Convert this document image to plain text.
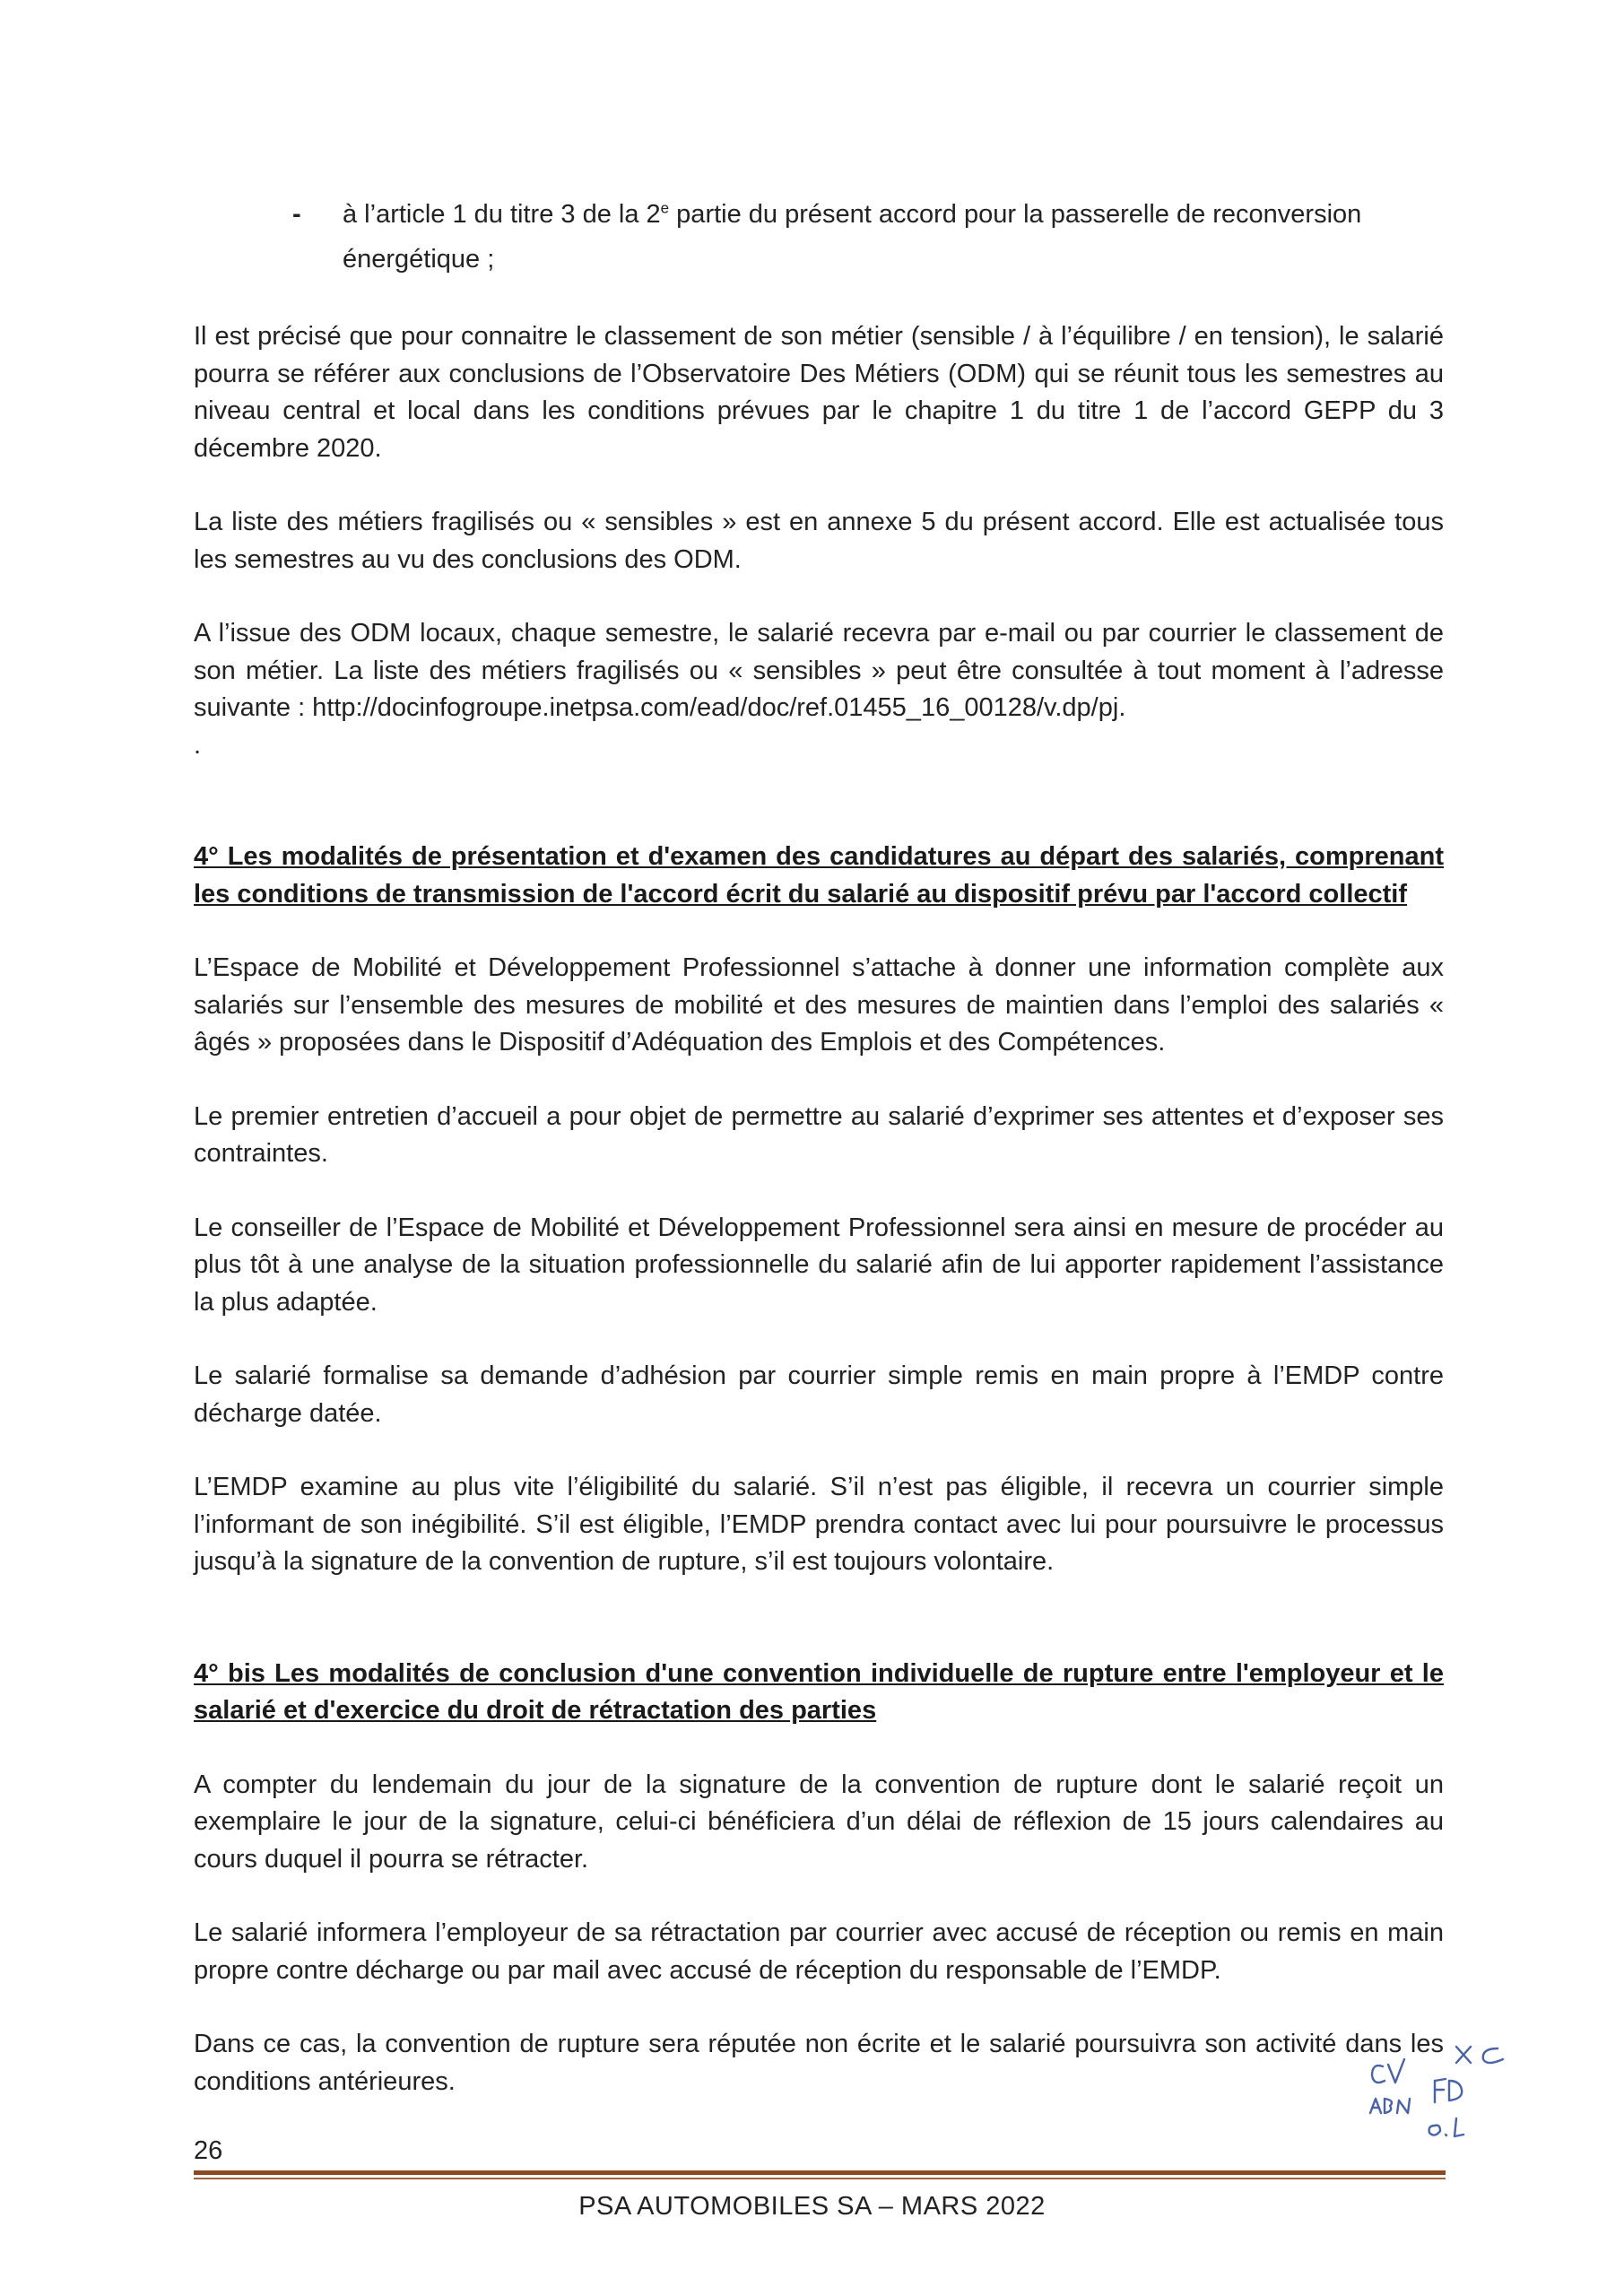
- à l’article 1 du titre 3 de la 2e partie du présent accord pour la passerelle de reconversion énergétique ;

Il est précisé que pour connaitre le classement de son métier (sensible / à l’équilibre / en tension), le salarié pourra se référer aux conclusions de l’Observatoire Des Métiers (ODM) qui se réunit tous les semestres au niveau central et local dans les conditions prévues par le chapitre 1 du titre 1 de l’accord GEPP du 3 décembre 2020.

La liste des métiers fragilisés ou « sensibles » est en annexe 5 du présent accord. Elle est actualisée tous les semestres au vu des conclusions des ODM.

A l’issue des ODM locaux, chaque semestre, le salarié recevra par e-mail ou par courrier le classement de son métier. La liste des métiers fragilisés ou « sensibles » peut être consultée à tout moment à l’adresse suivante : http://docinfogroupe.inetpsa.com/ead/doc/ref.01455_16_00128/v.dp/pj.

.

4° Les modalités de présentation et d'examen des candidatures au départ des salariés, comprenant les conditions de transmission de l'accord écrit du salarié au dispositif prévu par l'accord collectif

L’Espace de Mobilité et Développement Professionnel s’attache à donner une information complète aux salariés sur l’ensemble des mesures de mobilité et des mesures de maintien dans l’emploi des salariés « âgés » proposées dans le Dispositif d’Adéquation des Emplois et des Compétences.

Le premier entretien d’accueil a pour objet de permettre au salarié d’exprimer ses attentes et d’exposer ses contraintes.

Le conseiller de l’Espace de Mobilité et Développement Professionnel sera ainsi en mesure de procéder au plus tôt à une analyse de la situation professionnelle du salarié afin de lui apporter rapidement l’assistance la plus adaptée.

Le salarié formalise sa demande d’adhésion par courrier simple remis en main propre à l’EMDP contre décharge datée.

L’EMDP examine au plus vite l’éligibilité du salarié. S’il n’est pas éligible, il recevra un courrier simple l’informant de son inégibilité. S’il est éligible, l’EMDP prendra contact avec lui pour poursuivre le processus jusqu’à la signature de la convention de rupture, s’il est toujours volontaire.

4° bis Les modalités de conclusion d'une convention individuelle de rupture entre l'employeur et le salarié et d'exercice du droit de rétractation des parties

A compter du lendemain du jour de la signature de la convention de rupture dont le salarié reçoit un exemplaire le jour de la signature, celui-ci bénéficiera d’un délai de réflexion de 15 jours calendaires au cours duquel il pourra se rétracter.

Le salarié informera l’employeur de sa rétractation par courrier avec accusé de réception ou remis en main propre contre décharge ou par mail avec accusé de réception du responsable de l’EMDP.

Dans ce cas, la convention de rupture sera réputée non écrite et le salarié poursuivra son activité dans les conditions antérieures.

26
PSA AUTOMOBILES SA – MARS 2022
